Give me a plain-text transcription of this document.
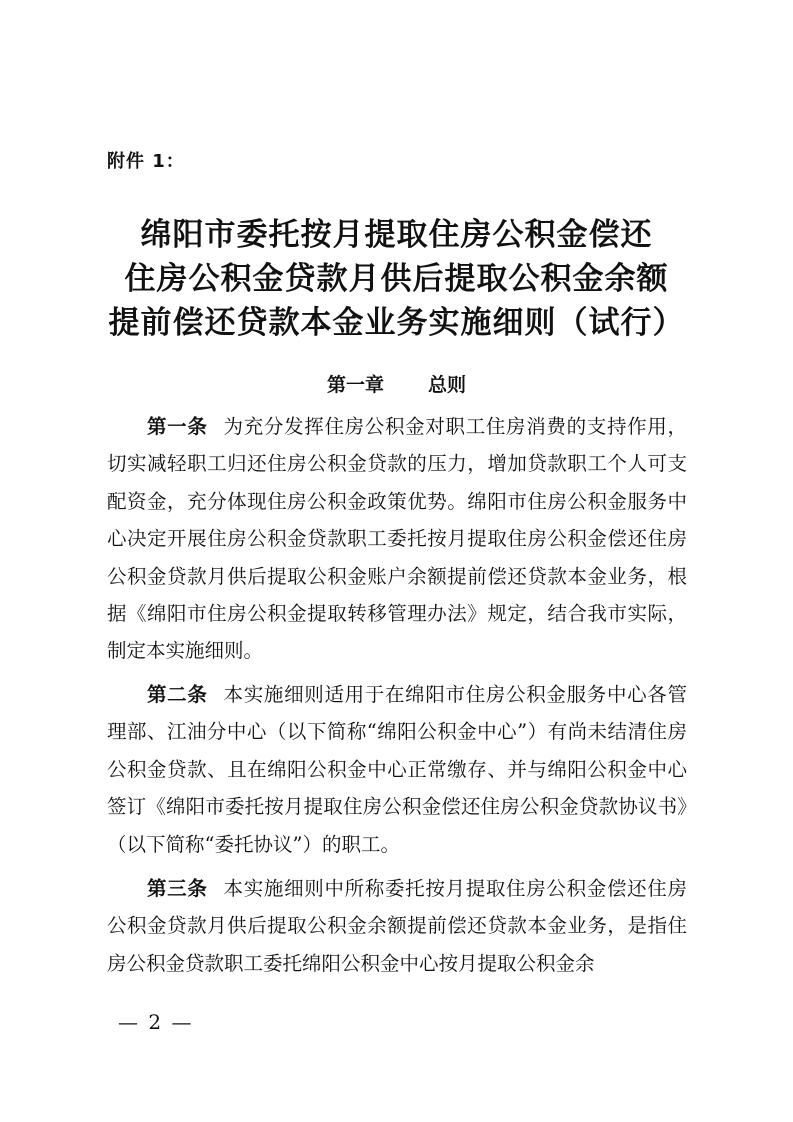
附件 1：

绵阳市委托按月提取住房公积金偿还
住房公积金贷款月供后提取公积金余额
提前偿还贷款本金业务实施细则（试行）
第一章 总则

第一条 为充分发挥住房公积金对职工住房消费的支持作用，切实减轻职工归还住房公积金贷款的压力，增加贷款职工个人可支配资金，充分体现住房公积金政策优势。绵阳市住房公积金服务中心决定开展住房公积金贷款职工委托按月提取住房公积金偿还住房公积金贷款月供后提取公积金账户余额提前偿还贷款本金业务，根据《绵阳市住房公积金提取转移管理办法》规定，结合我市实际，制定本实施细则。

第二条 本实施细则适用于在绵阳市住房公积金服务中心各管理部、江油分中心（以下简称“绵阳公积金中心”）有尚未结清住房公积金贷款、且在绵阳公积金中心正常缴存、并与绵阳公积金中心签订《绵阳市委托按月提取住房公积金偿还住房公积金贷款协议书》（以下简称“委托协议”）的职工。

第三条 本实施细则中所称委托按月提取住房公积金偿还住房公积金贷款月供后提取公积金余额提前偿还贷款本金业务，是指住房公积金贷款职工委托绵阳公积金中心按月提取公积金余

— 2 —
